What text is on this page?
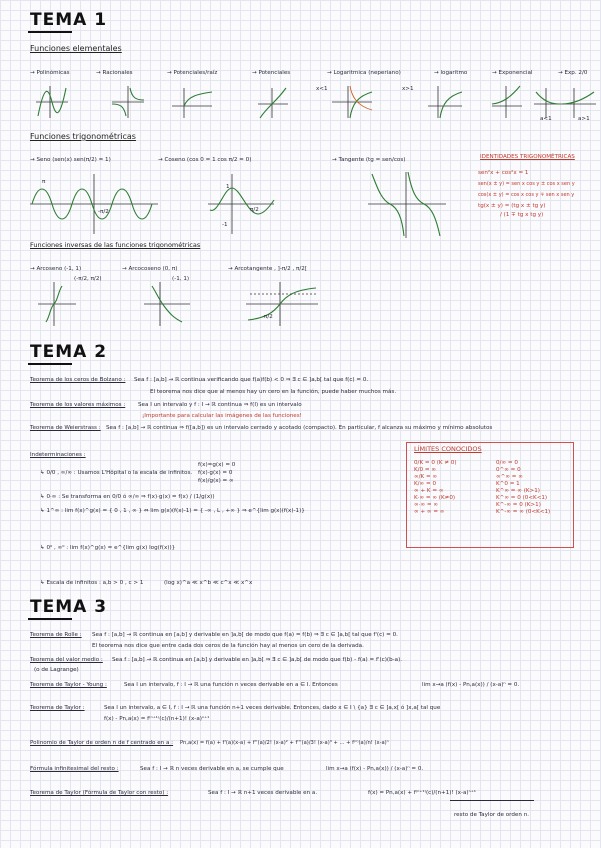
TEMA 1
Funciones elementales
→ Polinómicas	→ Racionales	→ Potenciales/raíz	→ Potenciales	→ Logaritmica (neperiano)	→ logaritmo	→ Exponencial	→ Exp. 2/0
x<1	x>1
a<1	a>1
Funciones trigonométricas
→ Seno (sen(x) sen(π/2) = 1)	→ Coseno (cos 0 = 1 cos π/2 = 0)	→ Tangente (tg = sen/cos)
π
-π/2
1
π/2
-1
IDENTIDADES TRIGONOMÉTRICAS
sen²x + cos²x = 1
sen(x ± y) = sen x cos y ± cos x sen y
cos(x ± y) = cos x cos y ∓ sen x sen y
tg(x ± y) = (tg x ± tg y)
/ (1 ∓ tg x tg y)
Funciones inversas de las funciones trigonométricas
→ Arcoseno (-1, 1)
(-π/2, π/2)
→ Arcocoseno (0, π)
(-1, 1)
→ Arcotangente , ]-π/2 , π/2[
-π/2
TEMA 2
Teorema de los ceros de Bolzano : Sea f : [a,b] → ℝ continua verificando que f(a)f(b) < 0 ⇒ ∃ c ∈ ]a,b[ tal que f(c) = 0.
El teorema nos dice que al menos hay un cero en la función, puede haber muchos más.
Teorema de los valores máximos : Sea I un intervalo y f : I → ℝ continua ⇒ f(I) es un intervalo
¡Importante para calcular las imágenes de las funciones!
Teorema de Weierstrass : Sea f : [a,b] → ℝ continua ⇒ f([a,b]) es un intervalo cerrado y acotado (compacto). En particular, f alcanza su máximo y mínimo absolutos
Indeterminaciones :
↳ 0/0 , ∞/∞ : Usamos L'Hôpital o la escala de infinitos.
f(x)=g(x) = 0
f(x)·g(x) = 0
f(x)/g(x) = ∞
↳ 0·∞ : Se transforma en 0/0 ó ∞/∞ ⇒ f(x)·g(x) = f(x) / (1/g(x))
↳ 1^∞ : lim f(x)^g(x) = { 0 , 1 , ∞ } ⇔ lim g(x)(f(x)-1) = { -∞ , L , +∞ } ⇒ e^{lim g(x)(f(x)-1)}
↳ 0⁰ , ∞⁰ : lim f(x)^g(x) = e^{lim g(x) log(f(x))}
↳ Escala de infinitos : a,b > 0 , c > 1	(log x)^a ≪ x^b ≪ c^x ≪ x^x
LÍMITES CONOCIDOS
0/K = 0 (K ≠ 0)
K/0 = ∞
∞/K = ∞
K/∞ = 0
∞ + K = ∞
K·∞ = ∞ (K≠0)
∞·∞ = ∞
∞ + ∞ = ∞
0/∞ = 0
0^∞ = 0
∞^∞ = ∞
K^0 = 1
K^∞ = ∞ (K>1)
K^∞ = 0 (0<K<1)
K^-∞ = 0 (K>1)
K^-∞ = ∞ (0<K<1)
TEMA 3
Teorema de Rolle : Sea f : [a,b] → ℝ continua en [a,b] y derivable en ]a,b[ de modo que f(a) = f(b) ⇒ ∃ c ∈ ]a,b[ tal que f'(c) = 0.
El teorema nos dice que entre cada dos ceros de la función hay al menos un cero de la derivada.
Teorema del valor medio : Sea f : [a,b] → ℝ continua en [a,b] y derivable en ]a,b[ ⇒ ∃ c ∈ ]a,b[ de modo que f(b) - f(a) = f'(c)(b-a).
(o de Lagrange)
Teorema de Taylor - Young :	Sea I un intervalo, f : I → ℝ una función n veces derivable en a ∈ I. Entonces	lim x→a (f(x) - Pn,a(x)) / (x-a)ⁿ = 0.
Teorema de Taylor :	Sea I un intervalo, a ∈ I, f : I → ℝ una función n+1 veces derivable. Entonces, dado x ∈ I \ {a} ∃ c ∈ ]a,x[ ó ]x,a[ tal que
f(x) - Pn,a(x) = f⁽ⁿ⁺¹⁾(c)/(n+1)! (x-a)ⁿ⁺¹
Polinomio de Taylor de orden n de f centrado en a : Pn,a(x) = f(a) + f'(a)(x-a) + f''(a)/2! (x-a)² + f'''(a)/3! (x-a)³ + ... + f⁽ⁿ⁾(a)/n! (x-a)ⁿ
Fórmula infinitesimal del resto :	Sea f : I → ℝ n veces derivable en a, se cumple que	lim x→a (f(x) - Pn,a(x)) / (x-a)ⁿ = 0.
Teorema de Taylor (Fórmula de Taylor con resto) :	Sea f : I → ℝ n+1 veces derivable en a.	f(x) = Pn,a(x) + f⁽ⁿ⁺¹⁾(c)/(n+1)! (x-a)ⁿ⁺¹
resto de Taylor de orden n.
